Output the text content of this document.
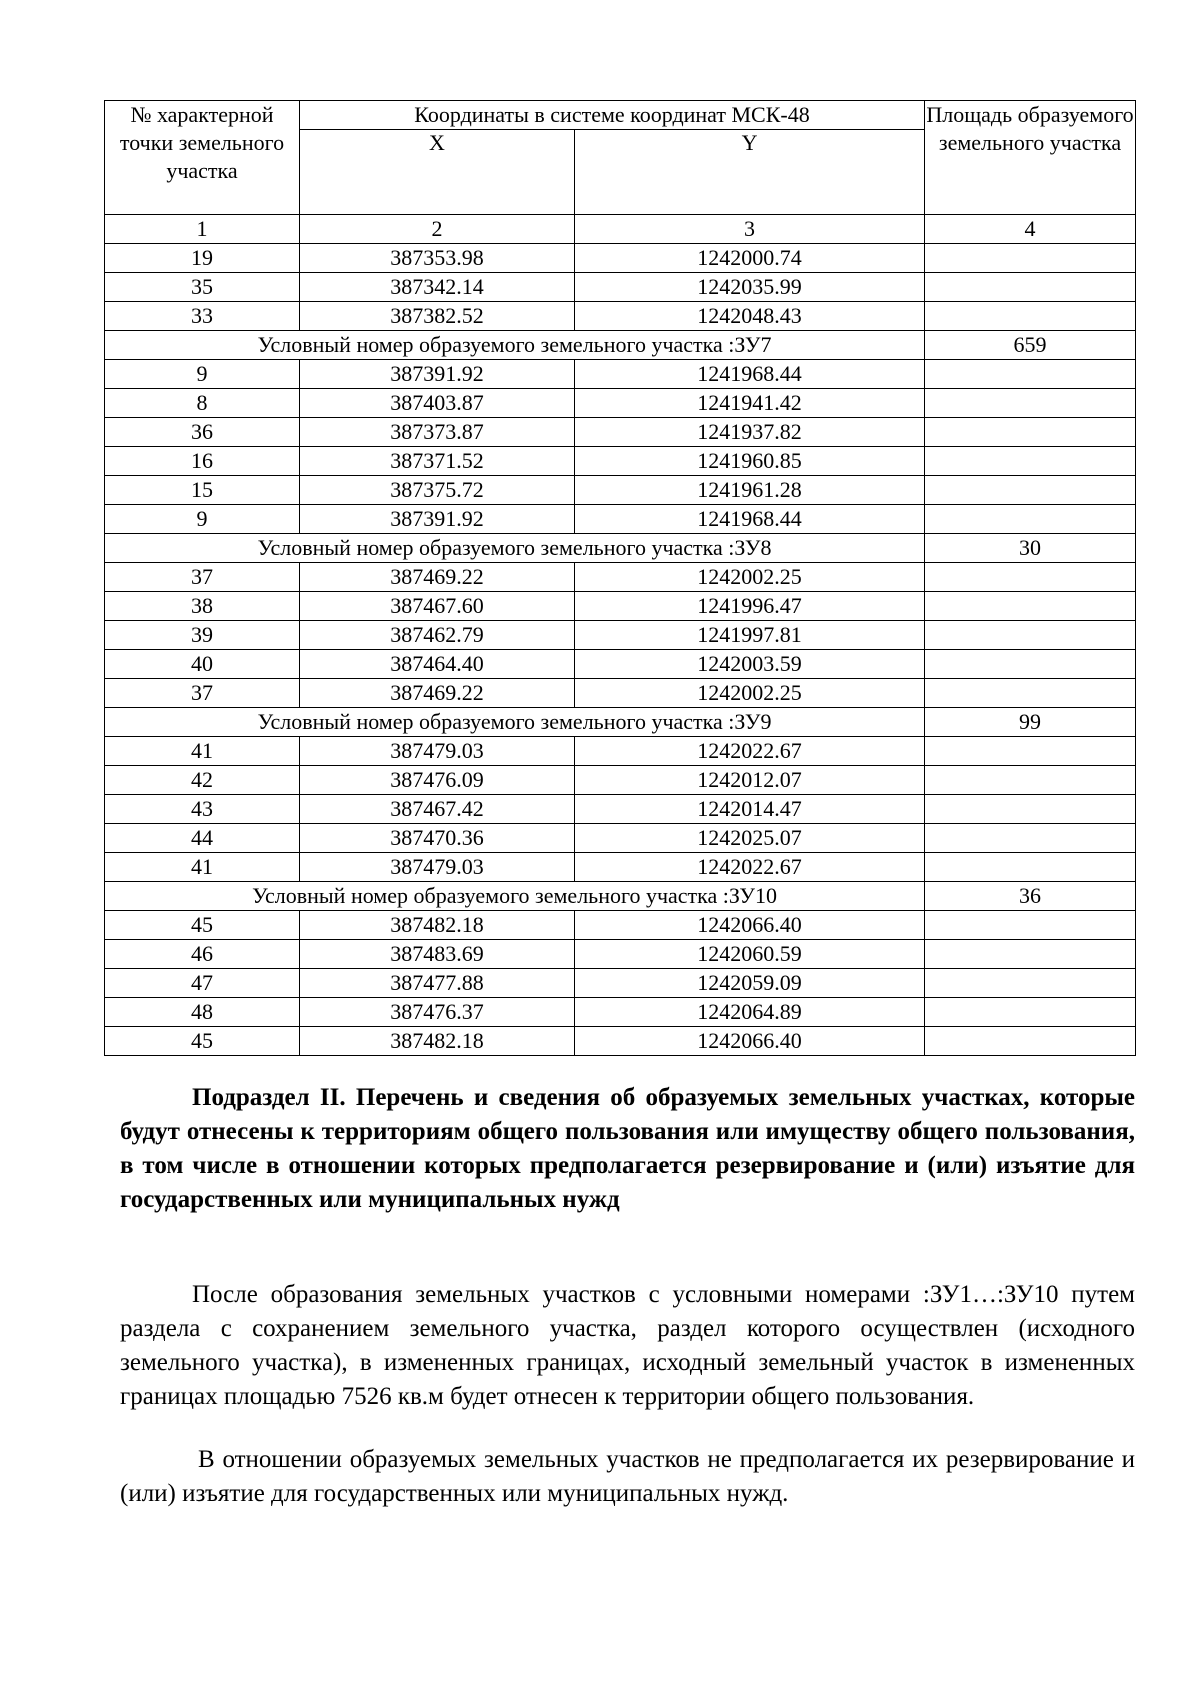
№ характерной точки земельного участка	Координаты в системе координат МСК-48		Площадь образуемого земельного участка
	X	Y	
1	2	3	4
19	387353.98	1242000.74	
35	387342.14	1242035.99	
33	387382.52	1242048.43	
Условный номер образуемого земельного участка :ЗУ7			659
9	387391.92	1241968.44	
8	387403.87	1241941.42	
36	387373.87	1241937.82	
16	387371.52	1241960.85	
15	387375.72	1241961.28	
9	387391.92	1241968.44	
Условный номер образуемого земельного участка :ЗУ8			30
37	387469.22	1242002.25	
38	387467.60	1241996.47	
39	387462.79	1241997.81	
40	387464.40	1242003.59	
37	387469.22	1242002.25	
Условный номер образуемого земельного участка :ЗУ9			99
41	387479.03	1242022.67	
42	387476.09	1242012.07	
43	387467.42	1242014.47	
44	387470.36	1242025.07	
41	387479.03	1242022.67	
Условный номер образуемого земельного участка :ЗУ10			36
45	387482.18	1242066.40	
46	387483.69	1242060.59	
47	387477.88	1242059.09	
48	387476.37	1242064.89	
45	387482.18	1242066.40	

Подраздел II. Перечень и сведения об образуемых земельных участках, которые будут отнесены к территориям общего пользования или имуществу общего пользования, в том числе в отношении которых предполагается резервирование и (или) изъятие для государственных или муниципальных нужд

После образования земельных участков с условными номерами :ЗУ1…:ЗУ10 путем раздела с сохранением земельного участка, раздел которого осуществлен (исходного земельного участка), в измененных границах, исходный земельный участок в измененных границах площадью 7526 кв.м будет отнесен к территории общего пользования.

В отношении образуемых земельных участков не предполагается их резервирование и (или) изъятие для государственных или муниципальных нужд.
